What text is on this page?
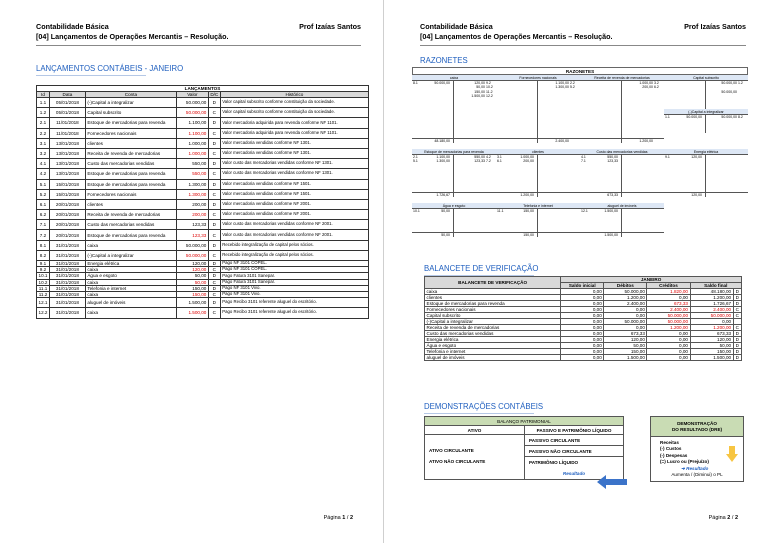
Contabilidade Básica	Prof Izaías Santos
[04] Lançamentos de Operações Mercantis – Resolução.
LANÇAMENTOS CONTÁBEIS - JANEIRO
LANÇAMENTOS					
Id	Data	Conta	Valor	D/C	Histórico
1.1	05/01/2018	(-)Capital a integralizar	50.000,00	D	Valor capital subscrito conforme constituição da sociedade.
1.2	05/01/2018	Capital subscrito	50.000,00	C	Valor capital subscrito conforme constituição da sociedade.
2.1	11/01/2018	Estoque de mercadorias para revenda	1.100,00	D	Valor mercadoria adquirida para revenda conforme NF 1101.
2.2	11/01/2018	Fornecedores nacionais	1.100,00	C	Valor mercadoria adquirida para revenda conforme NF 1101.
3.1	13/01/2018	clientes	1.000,00	D	Valor mercadoria vendidas conforme NF 1301.
3.2	13/01/2018	Receita de revenda de mercadorias	1.000,00	C	Valor mercadoria vendidas conforme NF 1301.
4.1	13/01/2018	Custo das mercadorias vendidas	550,00	D	Valor custo das mercadorias vendidas conforme NF 1301.
4.2	13/01/2018	Estoque de mercadorias para revenda	550,00	C	Valor custo das mercadorias vendidas conforme NF 1301.
5.1	15/01/2018	Estoque de mercadorias para revenda	1.300,00	D	Valor mercadoria vendidas conforme NF 1501.
5.2	15/01/2018	Fornecedores nacionais	1.300,00	C	Valor mercadoria vendidas conforme NF 1501.
6.1	20/01/2018	clientes	200,00	D	Valor mercadoria vendidas conforme NF 2001.
6.2	20/01/2018	Receita de revenda de mercadorias	200,00	C	Valor mercadoria vendidas conforme NF 2001.
7.1	20/01/2018	Custo das mercadorias vendidas	123,33	D	Valor custo das mercadorias vendidas conforme NF 2001.
7.2	20/01/2018	Estoque de mercadorias para revenda	123,33	C	Valor custo das mercadorias vendidas conforme NF 2001.
8.1	31/01/2018	caixa	50.000,00	D	Recebido integralização de capital pelos sócios.
8.2	31/01/2018	(-)Capital a integralizar	50.000,00	C	Recebido integralização de capital pelos sócios.
9.1	31/01/2018	Energia elétrica	120,00	D	Pago NF 3101 COPEL.
9.2	31/01/2018	caixa	120,00	C	Pago NF 3101 COPEL.
10.1	31/01/2018	Água e esgoto	50,00	D	Pago Fatura 3101 Sanepar.
10.2	31/01/2018	caixa	50,00	C	Pago Fatura 3101 Sanepar.
11.1	31/01/2018	Telefonia e internet	150,00	D	Pago NF 3101 Vivo.
11.2	31/01/2018	caixa	150,00	C	Pago NF 3101 Vivo.
12.1	31/01/2018	aluguel de imóveis	1.500,00	D	Pago Recibo 3101 referente aluguel do escritório.
12.2	31/01/2018	caixa	1.500,00	C	Pago Recibo 3101 referente aluguel do escritório.
Página 1 / 2
Contabilidade Básica	Prof Izaías Santos
[04] Lançamentos de Operações Mercantis – Resolução.
RAZONETES
Página 2 / 2
RAZONETES
caixa
8.1	50.000,00	120,00 9.2
50,00 10.2
150,00 11.2
1.500,00 12.2
48.180,00
Fornecedores nacionais
1.100,00 2.2
1.300,00 5.2
2.400,00
Receita de revenda de mercadorias
1.000,00 3.2
200,00 6.2
1.200,00
Capital subscrito
50.000,00 1.2
50.000,00
(-)Capital a integralizar
1.1	50.000,00	50.000,00 8.2
Estoque de mercadorias para revenda
2.1	1.100,00	550,00 4.2
5.1	1.300,00	123,33 7.2
1.726,67
clientes
3.1	1.000,00
6.1	200,00
1.200,00
Custo das mercadorias vendidas
4.1	550,00
7.1	123,33
673,33
Energia elétrica
9.1	120,00
120,00
Água e esgoto
10.1	50,00
50,00
Telefonia e internet
11.1	150,00
150,00
aluguel de imóveis
12.1	1.500,00
1.500,00
BALANCETE DE VERIFICAÇÃO
BALANCETE DE VERIFICAÇÃO	JANEIRO				
	Saldo inicial	Débitos	Créditos	Saldo final	
caixa	0,00	50.000,00	1.820,00	48.180,00	D
clientes	0,00	1.200,00	0,00	1.200,00	D
Estoque de mercadorias para revenda	0,00	2.400,00	673,33	1.726,67	D
Fornecedores nacionais	0,00	0,00	2.400,00	2.400,00	C
Capital subscrito	0,00	0,00	50.000,00	50.000,00	C
(-)Capital a integralizar	0,00	50.000,00	50.000,00	0,00	
Receita de revenda de mercadorias	0,00	0,00	1.200,00	1.200,00	C
Custo das mercadorias vendidas	0,00	673,33	0,00	673,33	D
Energia elétrica	0,00	120,00	0,00	120,00	D
Água e esgoto	0,00	50,00	0,00	50,00	D
Telefonia e internet	0,00	150,00	0,00	150,00	D
aluguel de imóveis	0,00	1.500,00	0,00	1.500,00	D
DEMONSTRAÇÕES CONTÁBEIS
BALANÇO PATRIMONIAL
ATIVO
ATIVO CIRCULANTE
ATIVO NÃO CIRCULANTE
PASSIVO E PATRIMÔNIO LÍQUIDO
PASSIVO CIRCULANTE
PASSIVO NÃO CIRCULANTE
PATRIMÔNIO LÍQUIDO
Resultado
DEMONSTRAÇÃO
DO RESULTADO (DRE)
Receitas
(-) Custos
(-) Despesas
(=) Lucro ou (Prejuízo)
➜ Resultado
Aumenta / (Diminui) o PL
